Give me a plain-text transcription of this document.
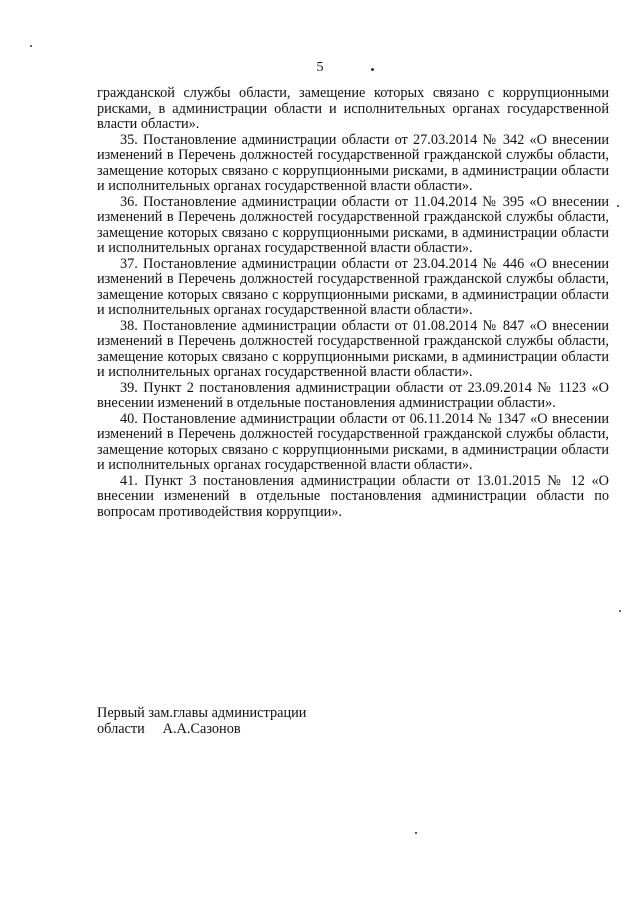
5

гражданской службы области, замещение которых связано с коррупционными рисками, в администрации области и исполнительных органах государственной власти области».

35. Постановление администрации области от 27.03.2014 № 342 «О внесении изменений в Перечень должностей государственной гражданской службы области, замещение которых связано с коррупционными рисками, в администрации области и исполнительных органах государственной власти области».

36. Постановление администрации области от 11.04.2014 № 395 «О внесении изменений в Перечень должностей государственной гражданской службы области, замещение которых связано с коррупционными рисками, в администрации области и исполнительных органах государственной власти области».

37. Постановление администрации области от 23.04.2014 № 446 «О внесении изменений в Перечень должностей государственной гражданской службы области, замещение которых связано с коррупционными рисками, в администрации области и исполнительных органах государственной власти области».

38. Постановление администрации области от 01.08.2014 № 847 «О внесении изменений в Перечень должностей государственной гражданской службы области, замещение которых связано с коррупционными рисками, в администрации области и исполнительных органах государственной власти области».

39. Пункт 2 постановления администрации области от 23.09.2014 № 1123 «О внесении изменений в отдельные постановления администрации области».

40. Постановление администрации области от 06.11.2014 № 1347 «О внесении изменений в Перечень должностей государственной гражданской службы области, замещение которых связано с коррупционными рисками, в администрации области и исполнительных органах государственной власти области».

41. Пункт 3 постановления администрации области от 13.01.2015 № 12 «О внесении изменений в отдельные постановления администрации области по вопросам противодействия коррупции».

Первый зам.главы администрации
области     А.А.Сазонов
